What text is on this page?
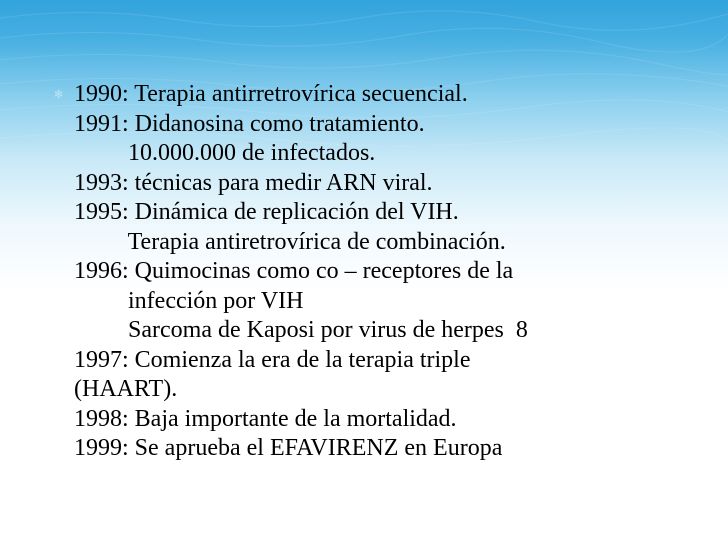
✻ 1990: Terapia antirretrovírica secuencial.
1991: Didanosina como tratamiento.
10.000.000 de infectados.
1993: técnicas para medir ARN viral.
1995: Dinámica de replicación del VIH.
Terapia antiretrovírica de combinación.
1996: Quimocinas como co – receptores de la
infección por VIH
Sarcoma de Kaposi por virus de herpes  8
1997: Comienza la era de la terapia triple
(HAART).
1998: Baja importante de la mortalidad.
1999: Se aprueba el EFAVIRENZ en Europa
